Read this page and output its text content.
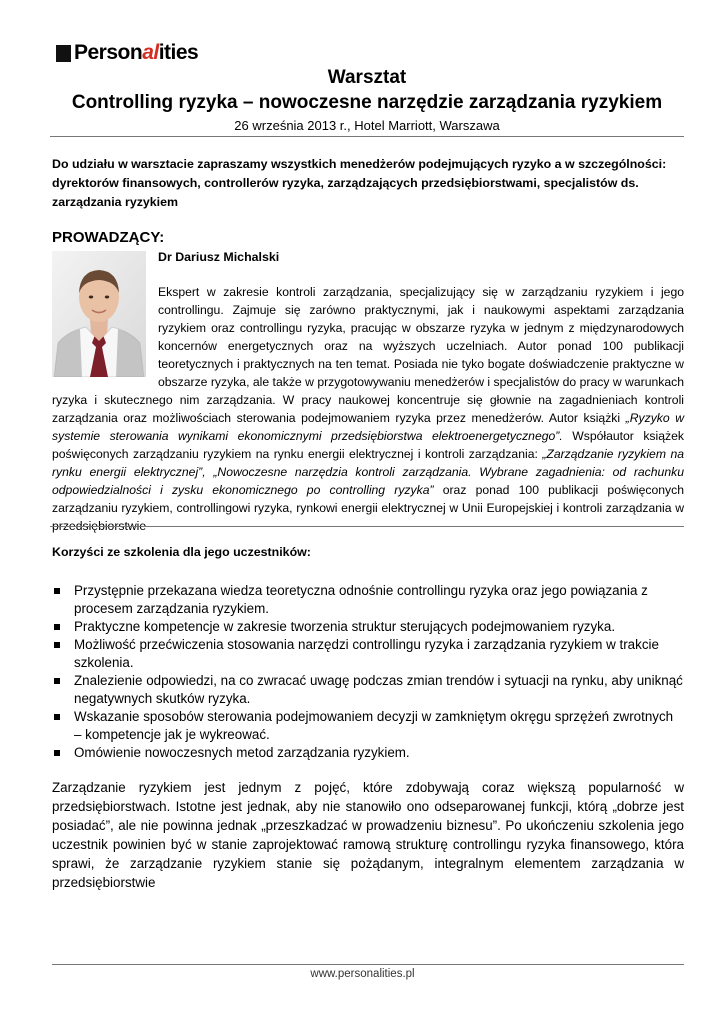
Person al ities
Warsztat
Controlling ryzyka – nowoczesne narzędzie zarządzania ryzykiem
26 września 2013 r., Hotel Marriott, Warszawa
Do udziału w warsztacie zapraszamy wszystkich menedżerów podejmujących ryzyko a w szczególności: dyrektorów finansowych, controllerów ryzyka, zarządzających przedsiębiorstwami, specjalistów ds. zarządzania ryzykiem
PROWADZĄCY:
Dr Dariusz Michalski

Ekspert w zakresie kontroli zarządzania, specjalizujący się w zarządzaniu ryzykiem i jego controllingu. Zajmuje się zarówno praktycznymi, jak i naukowymi aspektami zarządzania ryzykiem oraz controllingu ryzyka, pracując w obszarze ryzyka w jednym z międzynarodowych koncernów energetycznych oraz na wyższych uczelniach. Autor ponad 100 publikacji teoretycznych i praktycznych na ten temat. Posiada nie tyko bogate doświadczenie praktyczne w obszarze ryzyka, ale także w przygotowywaniu menedżerów i specjalistów do pracy w warunkach ryzyka i skutecznego nim zarządzania. W pracy naukowej koncentruje się głownie na zagadnieniach kontroli zarządzania oraz możliwościach sterowania podejmowaniem ryzyka przez menedżerów. Autor książki „Ryzyko w systemie sterowania wynikami ekonomicznymi przedsiębiorstwa elektroenergetycznego”. Współautor książek poświęconych zarządzaniu ryzykiem na rynku energii elektrycznej i kontroli zarządzania: „Zarządzanie ryzykiem na rynku energii elektrycznej”, „Nowoczesne narzędzia kontroli zarządzania. Wybrane zagadnienia: od rachunku odpowiedzialności i zysku ekonomicznego po controlling ryzyka” oraz ponad 100 publikacji poświęconych zarządzaniu ryzykiem, controllingowi ryzyka, rynkowi energii elektrycznej w Unii Europejskiej i kontroli zarządzania w przedsiębiorstwie

Korzyści ze szkolenia dla jego uczestników:
Przystępnie przekazana wiedza teoretyczna odnośnie controllingu ryzyka oraz jego powiązania z procesem zarządzania ryzykiem.
Praktyczne kompetencje w zakresie tworzenia struktur sterujących podejmowaniem ryzyka.
Możliwość przećwiczenia stosowania narzędzi controllingu ryzyka i zarządzania ryzykiem w trakcie szkolenia.
Znalezienie odpowiedzi, na co zwracać uwagę podczas zmian trendów i sytuacji na rynku, aby uniknąć negatywnych skutków ryzyka.
Wskazanie sposobów sterowania podejmowaniem decyzji w zamkniętym okręgu sprzężeń zwrotnych – kompetencje jak je wykreować.
Omówienie nowoczesnych metod zarządzania ryzykiem.

Zarządzanie ryzykiem jest jednym z pojęć, które zdobywają coraz większą popularność w przedsiębiorstwach. Istotne jest jednak, aby nie stanowiło ono odseparowanej funkcji, którą „dobrze jest posiadać”, ale nie powinna jednak „przeszkadzać w prowadzeniu biznesu”. Po ukończeniu szkolenia jego uczestnik powinien być w stanie zaprojektować ramową strukturę controllingu ryzyka finansowego, która sprawi, że zarządzanie ryzykiem stanie się pożądanym, integralnym elementem zarządzania w przedsiębiorstwie

www.personalities.pl
